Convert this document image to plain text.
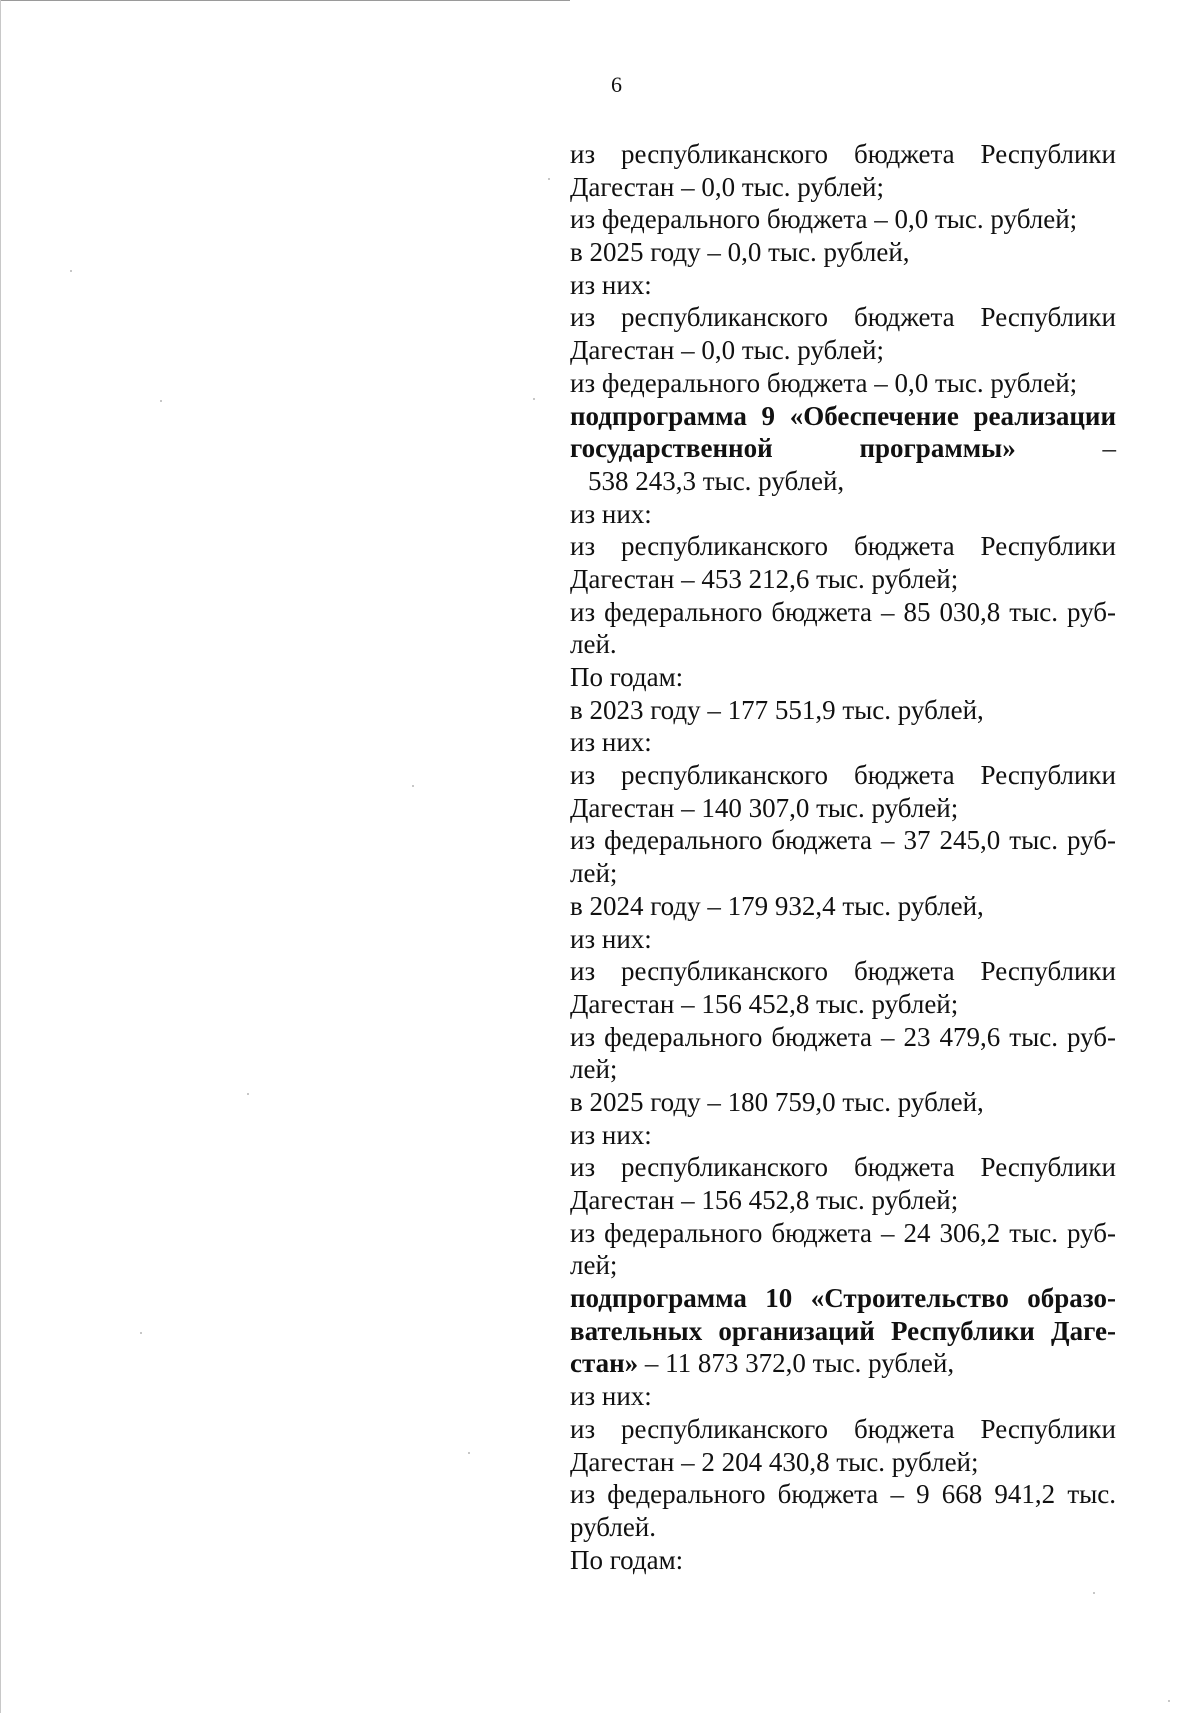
6
из республиканского бюджета Республики
Дагестан – 0,0 тыс. рублей;
из федерального бюджета – 0,0 тыс. рублей;
в 2025 году – 0,0 тыс. рублей,
из них:
из республиканского бюджета Республики
Дагестан – 0,0 тыс. рублей;
из федерального бюджета – 0,0 тыс. рублей;
подпрограмма 9 «Обеспечение реализации
государственной программы» –
538 243,3 тыс. рублей,
из них:
из республиканского бюджета Республики
Дагестан – 453 212,6 тыс. рублей;
из федерального бюджета – 85 030,8 тыс. руб-
лей.
По годам:
в 2023 году – 177 551,9 тыс. рублей,
из них:
из республиканского бюджета Республики
Дагестан – 140 307,0 тыс. рублей;
из федерального бюджета – 37 245,0 тыс. руб-
лей;
в 2024 году – 179 932,4 тыс. рублей,
из них:
из республиканского бюджета Республики
Дагестан – 156 452,8 тыс. рублей;
из федерального бюджета – 23 479,6 тыс. руб-
лей;
в 2025 году – 180 759,0 тыс. рублей,
из них:
из республиканского бюджета Республики
Дагестан – 156 452,8 тыс. рублей;
из федерального бюджета – 24 306,2 тыс. руб-
лей;
подпрограмма 10 «Строительство образо-
вательных организаций Республики Даге-
стан» – 11 873 372,0 тыс. рублей,
из них:
из республиканского бюджета Республики
Дагестан – 2 204 430,8 тыс. рублей;
из федерального бюджета – 9 668 941,2 тыс.
рублей.
По годам:
